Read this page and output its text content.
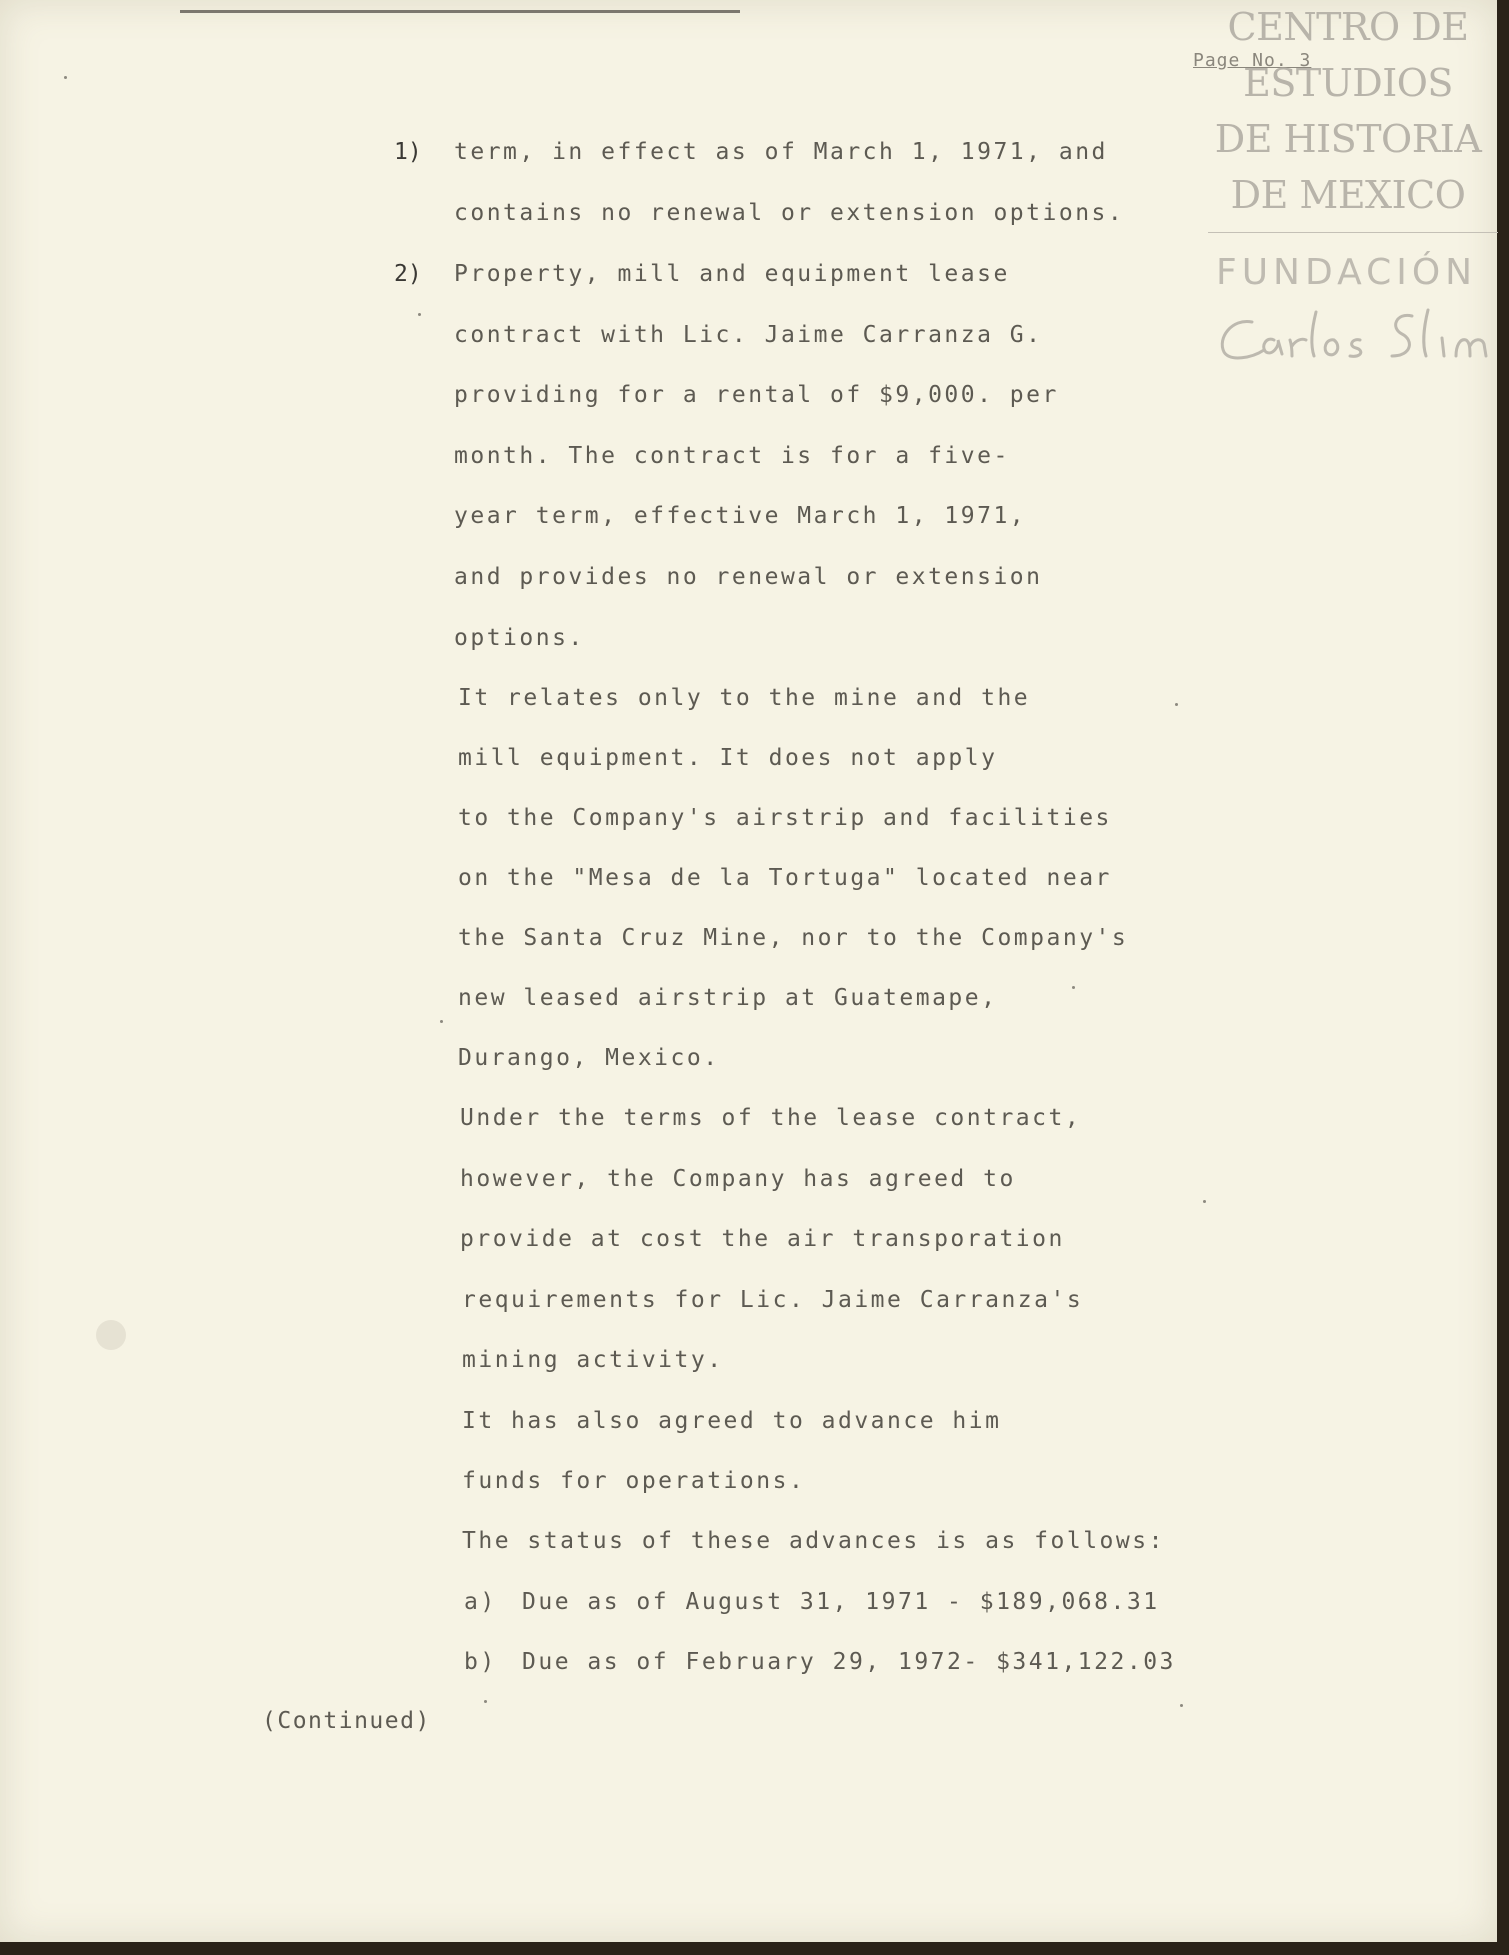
Page No. 3
CENTRO DE
ESTUDIOS
DE HISTORIA
DE MEXICO
FUNDACIÓN
1) term, in effect as of March 1, 1971, and
contains no renewal or extension options.
2) Property, mill and equipment lease
contract with Lic. Jaime Carranza G.
providing for a rental of $9,000. per
month. The contract is for a five-
year term, effective March 1, 1971,
and provides no renewal or extension
options.
It relates only to the mine and the
mill equipment. It does not apply
to the Company's airstrip and facilities
on the "Mesa de la Tortuga" located near
the Santa Cruz Mine, nor to the Company's
new leased airstrip at Guatemape,
Durango, Mexico.
Under the terms of the lease contract,
however, the Company has agreed to
provide at cost the air transporation
requirements for Lic. Jaime Carranza's
mining activity.
It has also agreed to advance him
funds for operations.
The status of these advances is as follows:
a) Due as of August 31, 1971 - $189,068.31
b) Due as of February 29, 1972- $341,122.03
(Continued)
